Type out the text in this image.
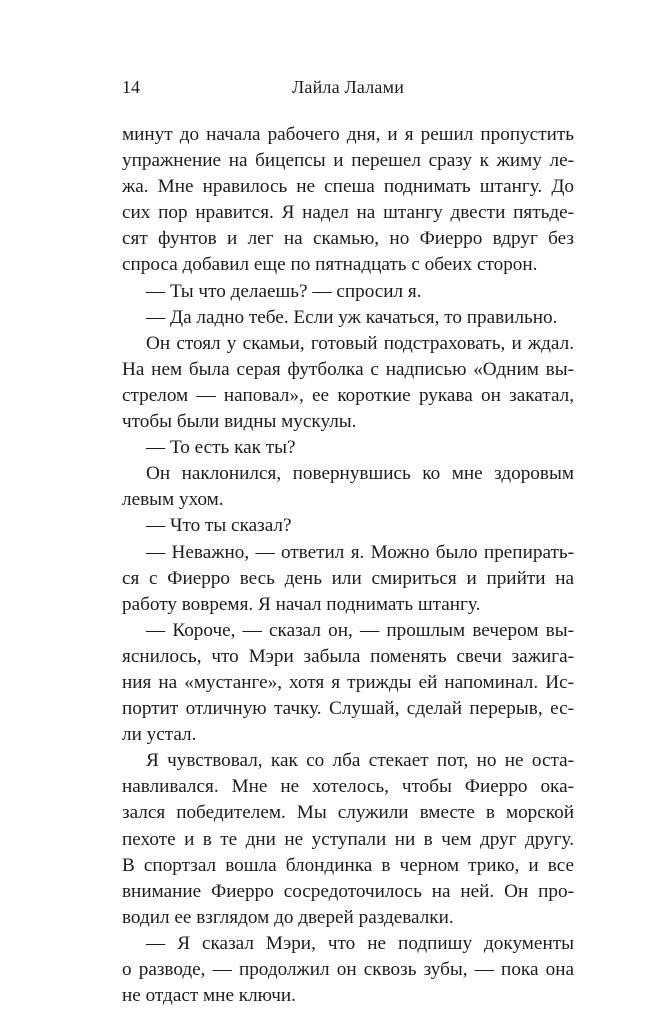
14	Лайла Лалами
минут до начала рабочего дня, и я решил пропустить
упражнение на бицепсы и перешел сразу к жиму ле-
жа. Мне нравилось не спеша поднимать штангу. До
сих пор нравится. Я надел на штангу двести пятьде-
сят фунтов и лег на скамью, но Фиерро вдруг без
спроса добавил еще по пятнадцать с обеих сторон.
— Ты что делаешь? — спросил я.
— Да ладно тебе. Если уж качаться, то правильно.
Он стоял у скамьи, готовый подстраховать, и ждал.
На нем была серая футболка с надписью «Одним вы-
стрелом — наповал», ее короткие рукава он закатал,
чтобы были видны мускулы.
— То есть как ты?
Он наклонился, повернувшись ко мне здоровым
левым ухом.
— Что ты сказал?
— Неважно, — ответил я. Можно было препирать-
ся с Фиерро весь день или смириться и прийти на
работу вовремя. Я начал поднимать штангу.
— Короче, — сказал он, — прошлым вечером вы-
яснилось, что Мэри забыла поменять свечи зажига-
ния на «мустанге», хотя я трижды ей напоминал. Ис-
портит отличную тачку. Слушай, сделай перерыв, ес-
ли устал.
Я чувствовал, как со лба стекает пот, но не оста-
навливался. Мне не хотелось, чтобы Фиерро ока-
зался победителем. Мы служили вместе в морской
пехоте и в те дни не уступали ни в чем друг другу.
В спортзал вошла блондинка в черном трико, и все
внимание Фиерро сосредоточилось на ней. Он про-
водил ее взглядом до дверей раздевалки.
— Я сказал Мэри, что не подпишу документы
о разводе, — продолжил он сквозь зубы, — пока она
не отдаст мне ключи.
